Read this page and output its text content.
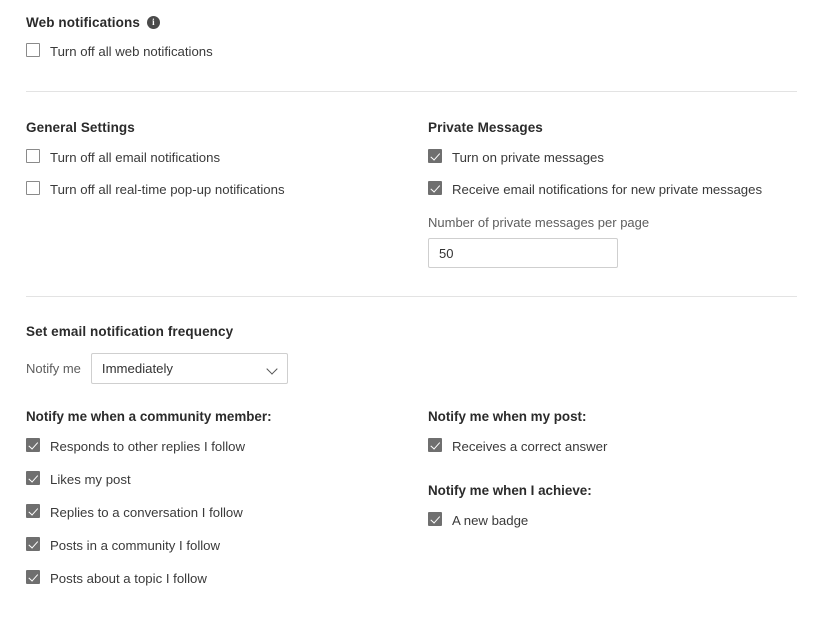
Web notifications	i
Turn off all web notifications
General Settings
Turn off all email notifications
Turn off all real-time pop-up notifications
Private Messages
Turn on private messages
Receive email notifications for new private messages
Number of private messages per page
50
Set email notification frequency
Notify me Immediately
Notify me when a community member:
Responds to other replies I follow
Likes my post
Replies to a conversation I follow
Posts in a community I follow
Posts about a topic I follow
Notify me when my post:
Receives a correct answer
Notify me when I achieve:
A new badge
